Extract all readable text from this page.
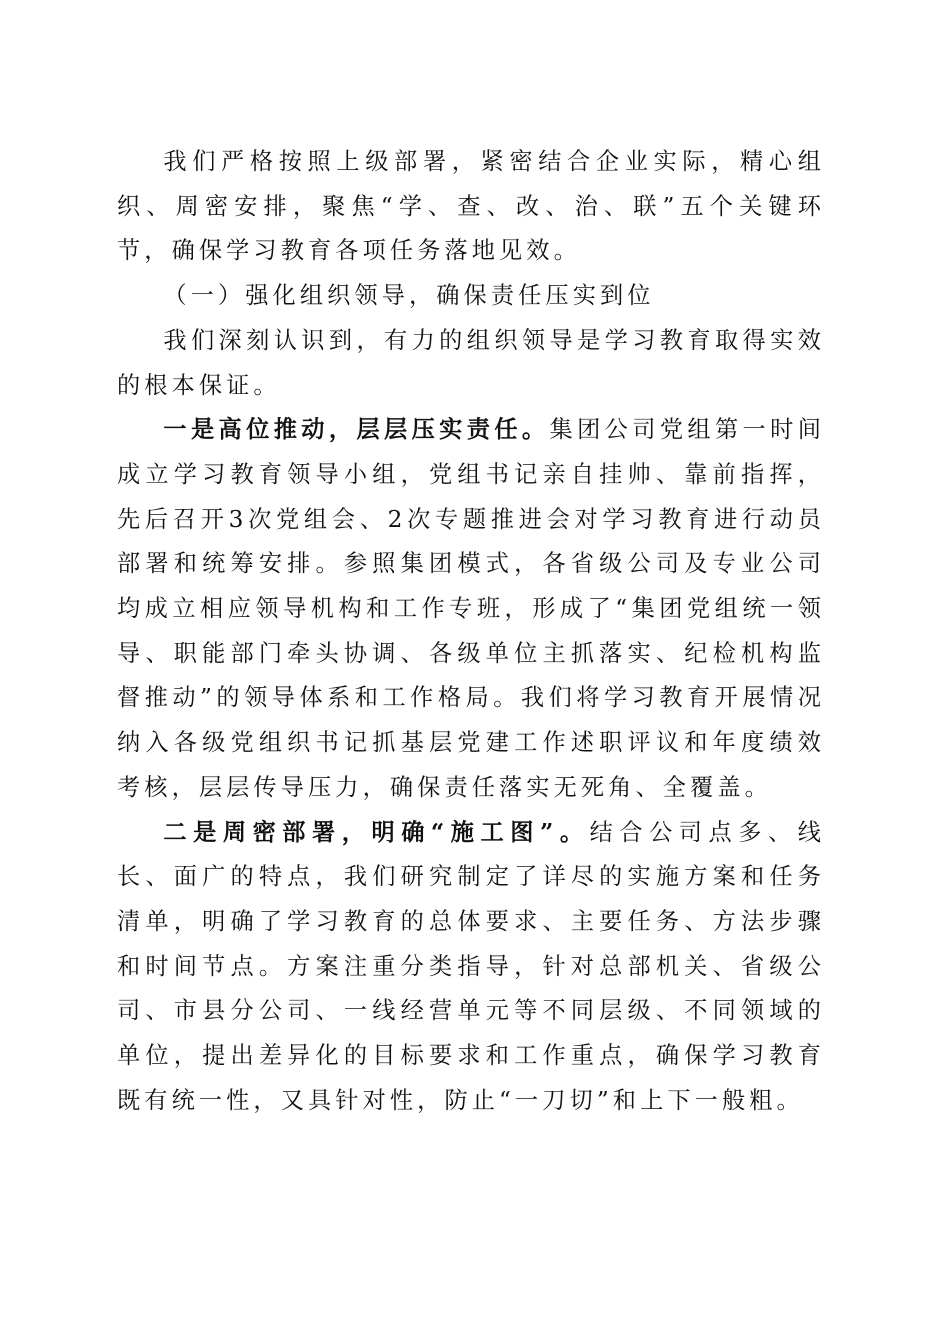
我们严格按照上级部署，紧密结合企业实际，精心组织、周密安排，聚焦“学、查、改、治、联”五个关键环节，确保学习教育各项任务落地见效。

（一）强化组织领导，确保责任压实到位

我们深刻认识到，有力的组织领导是学习教育取得实效的根本保证。

一是高位推动，层层压实责任。集团公司党组第一时间成立学习教育领导小组，党组书记亲自挂帅、靠前指挥，先后召开3次党组会、2次专题推进会对学习教育进行动员部署和统筹安排。参照集团模式，各省级公司及专业公司均成立相应领导机构和工作专班，形成了“集团党组统一领导、职能部门牵头协调、各级单位主抓落实、纪检机构监督推动”的领导体系和工作格局。我们将学习教育开展情况纳入各级党组织书记抓基层党建工作述职评议和年度绩效考核，层层传导压力，确保责任落实无死角、全覆盖。

二是周密部署，明确“施工图”。结合公司点多、线长、面广的特点，我们研究制定了详尽的实施方案和任务清单，明确了学习教育的总体要求、主要任务、方法步骤和时间节点。方案注重分类指导，针对总部机关、省级公司、市县分公司、一线经营单元等不同层级、不同领域的单位，提出差异化的目标要求和工作重点，确保学习教育既有统一性，又具针对性，防止“一刀切”和上下一般粗。
